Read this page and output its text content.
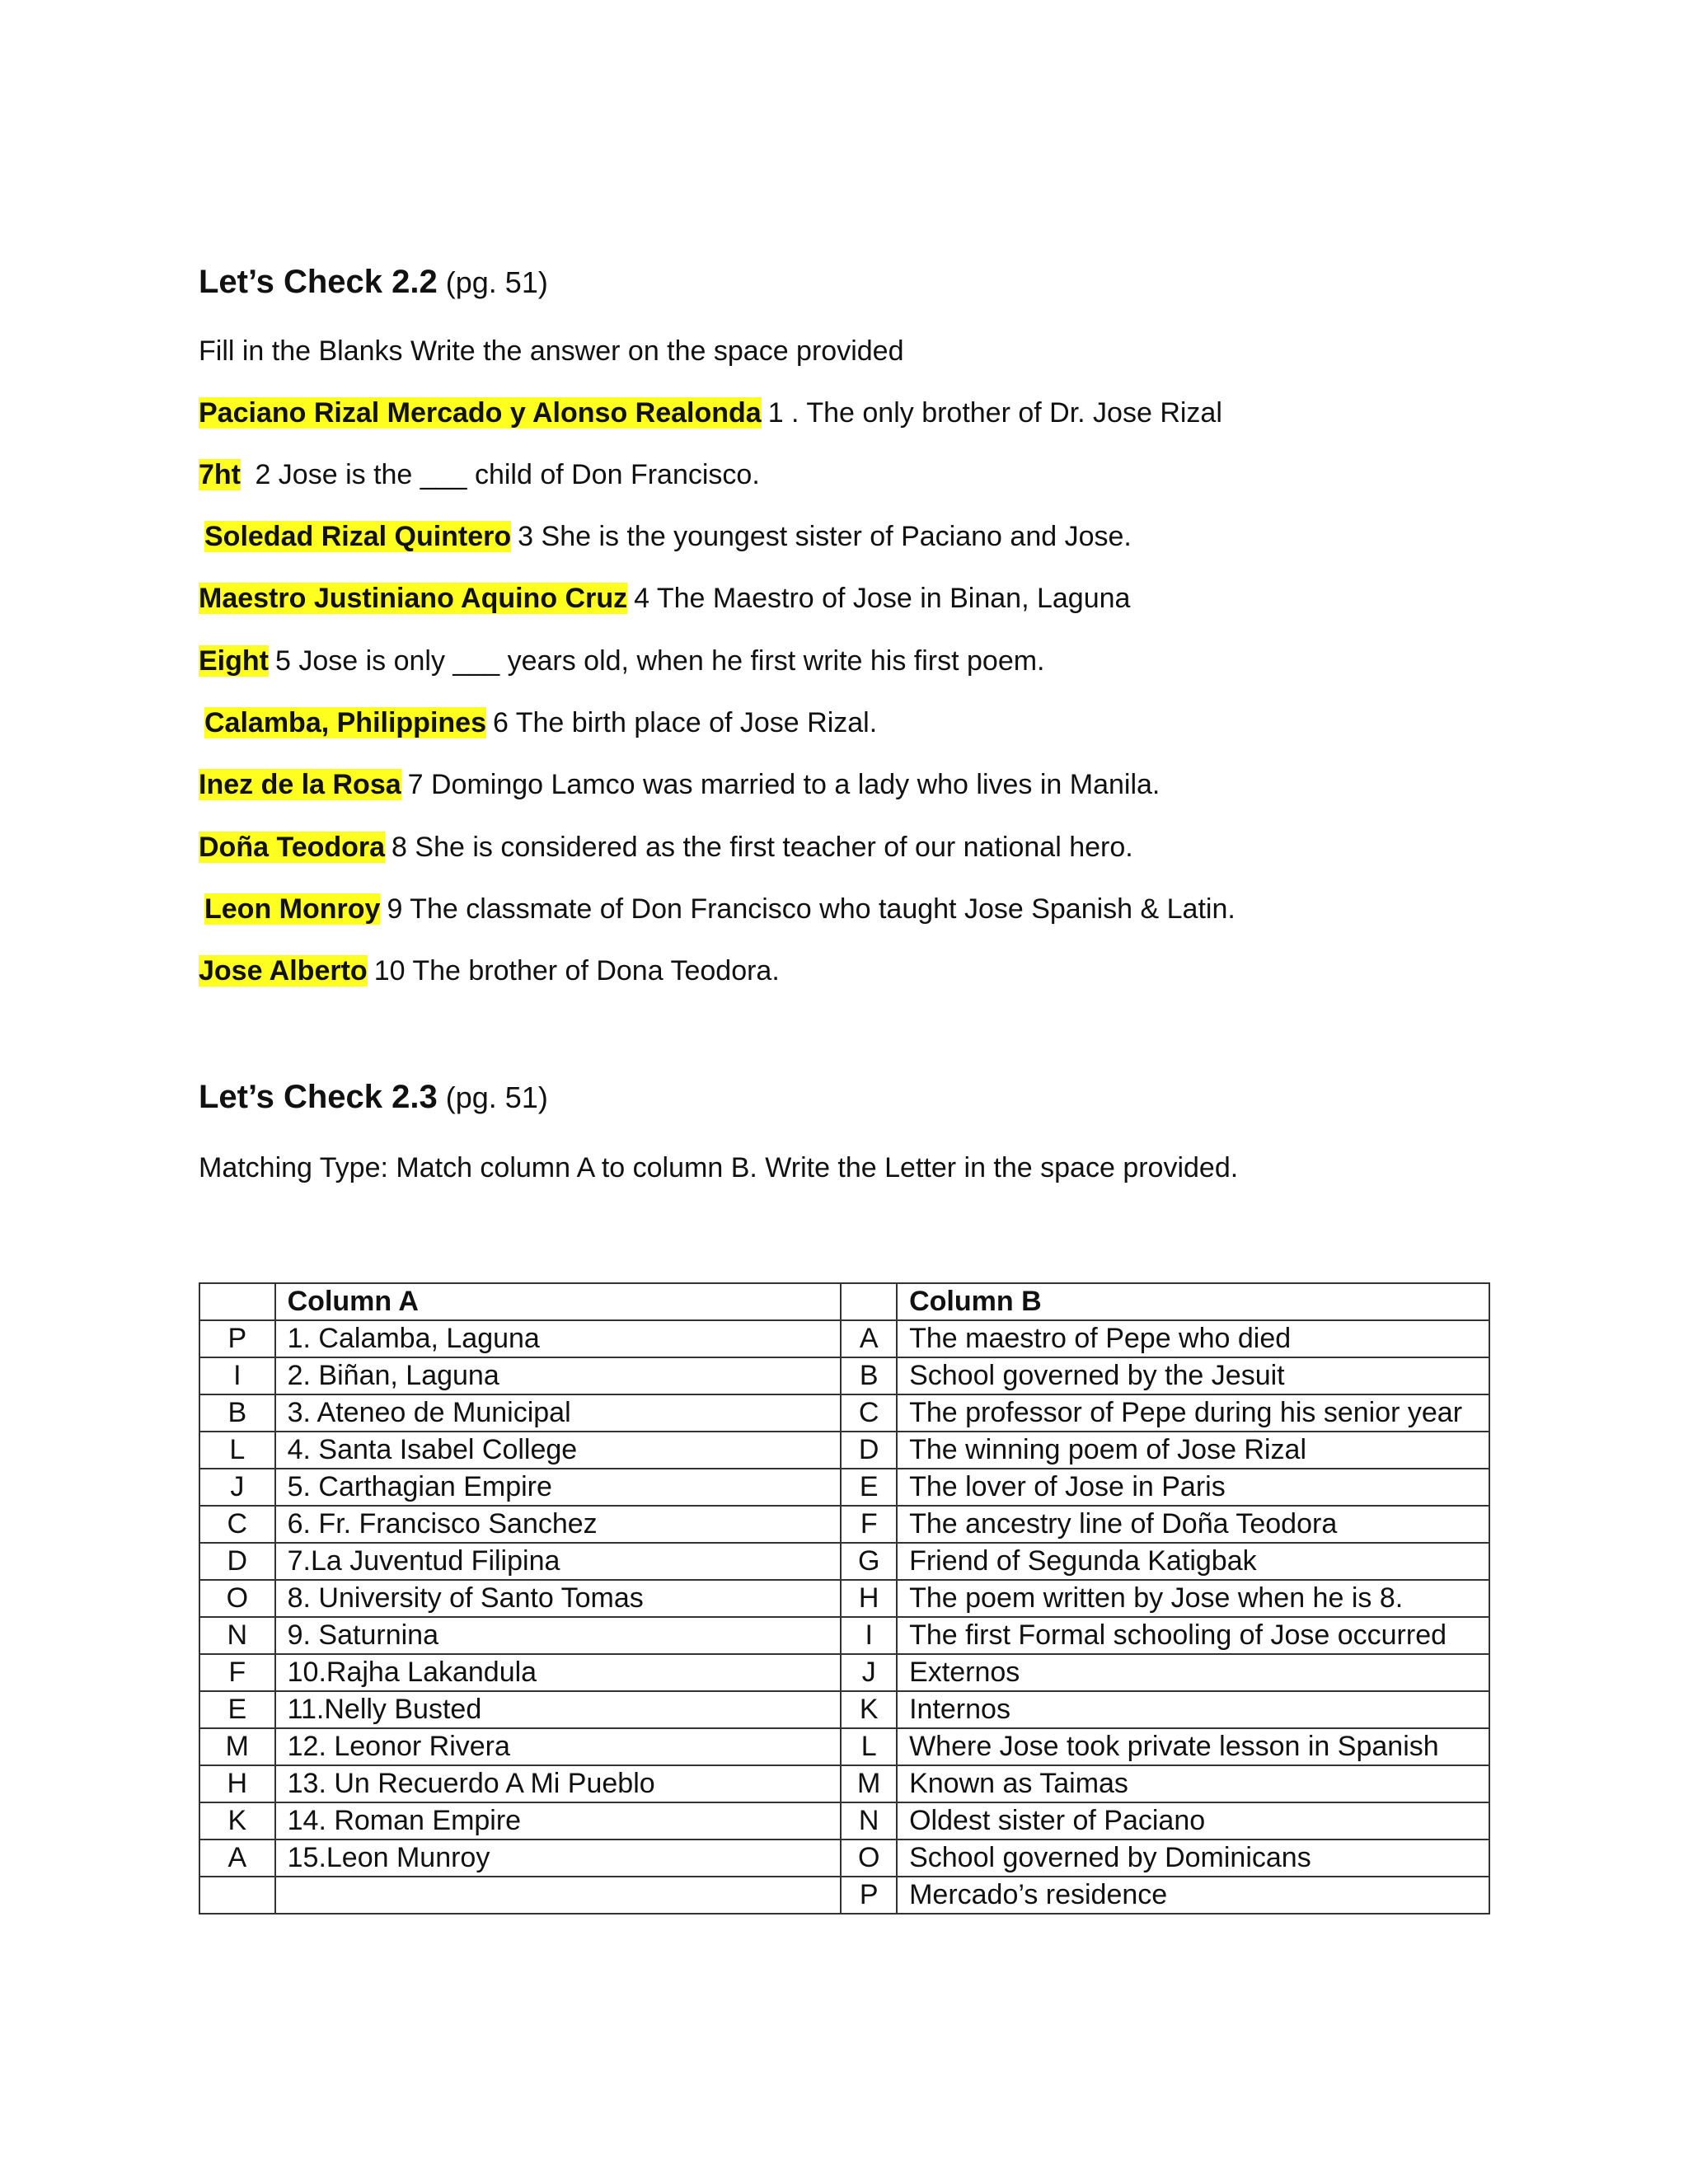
Let’s Check 2.2 (pg. 51)
Fill in the Blanks Write the answer on the space provided
Paciano Rizal Mercado y Alonso Realonda 1 . The only brother of Dr. Jose Rizal
7ht 2 Jose is the ___ child of Don Francisco.
Soledad Rizal Quintero 3 She is the youngest sister of Paciano and Jose.
Maestro Justiniano Aquino Cruz 4 The Maestro of Jose in Binan, Laguna
Eight 5 Jose is only ___ years old, when he first write his first poem.
Calamba, Philippines 6 The birth place of Jose Rizal.
Inez de la Rosa 7 Domingo Lamco was married to a lady who lives in Manila.
Doña Teodora 8 She is considered as the first teacher of our national hero.
Leon Monroy 9 The classmate of Don Francisco who taught Jose Spanish & Latin.
Jose Alberto 10 The brother of Dona Teodora.
Let’s Check 2.3 (pg. 51)
Matching Type: Match column A to column B. Write the Letter in the space provided.
	Column A		Column B
P	1. Calamba, Laguna	A	The maestro of Pepe who died
I	2. Biñan, Laguna	B	School governed by the Jesuit
B	3. Ateneo de Municipal	C	The professor of Pepe during his senior year
L	4. Santa Isabel College	D	The winning poem of Jose Rizal
J	5. Carthagian Empire	E	The lover of Jose in Paris
C	6. Fr. Francisco Sanchez	F	The ancestry line of Doña Teodora
D	7.La Juventud Filipina	G	Friend of Segunda Katigbak
O	8. University of Santo Tomas	H	The poem written by Jose when he is 8.
N	9. Saturnina	I	The first Formal schooling of Jose occurred
F	10.Rajha Lakandula	J	Externos
E	11.Nelly Busted	K	Internos
M	12. Leonor Rivera	L	Where Jose took private lesson in Spanish
H	13. Un Recuerdo A Mi Pueblo	M	Known as Taimas
K	14. Roman Empire	N	Oldest sister of Paciano
A	15.Leon Munroy	O	School governed by Dominicans
		P	Mercado’s residence
